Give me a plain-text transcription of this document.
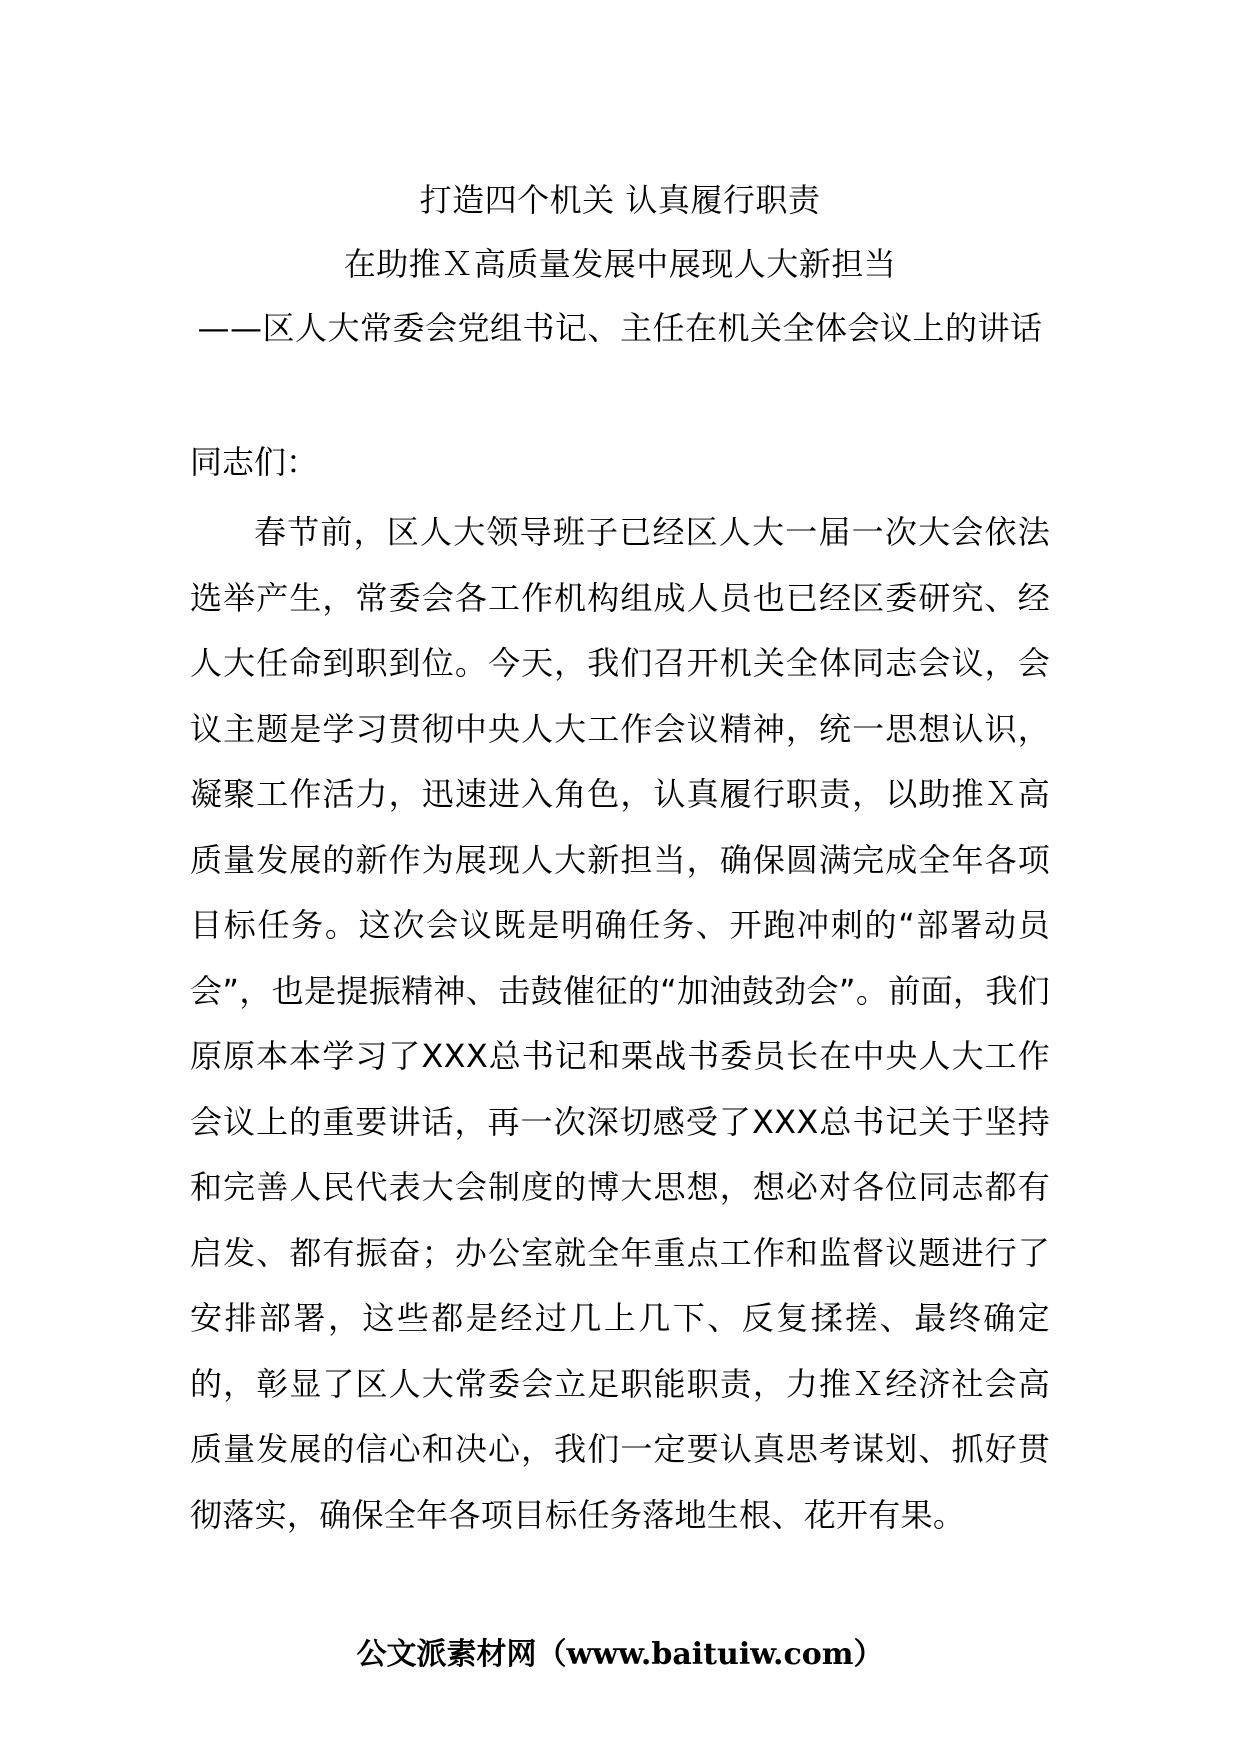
打造四个机关 认真履行职责
在助推Ｘ高质量发展中展现人大新担当
——区人大常委会党组书记、主任在机关全体会议上的讲话

同志们：

春节前，区人大领导班子已经区人大一届一次大会依法选举产生，常委会各工作机构组成人员也已经区委研究、经人大任命到职到位。今天，我们召开机关全体同志会议，会议主题是学习贯彻中央人大工作会议精神，统一思想认识，凝聚工作活力，迅速进入角色，认真履行职责，以助推Ｘ高质量发展的新作为展现人大新担当，确保圆满完成全年各项目标任务。这次会议既是明确任务、开跑冲刺的“部署动员会”，也是提振精神、击鼓催征的“加油鼓劲会”。前面，我们原原本本学习了XXX总书记和栗战书委员长在中央人大工作会议上的重要讲话，再一次深切感受了XXX总书记关于坚持和完善人民代表大会制度的博大思想，想必对各位同志都有启发、都有振奋；办公室就全年重点工作和监督议题进行了安排部署，这些都是经过几上几下、反复揉搓、最终确定的，彰显了区人大常委会立足职能职责，力推Ｘ经济社会高质量发展的信心和决心，我们一定要认真思考谋划、抓好贯彻落实，确保全年各项目标任务落地生根、花开有果。

公文派素材网（www.baituiw.com）
